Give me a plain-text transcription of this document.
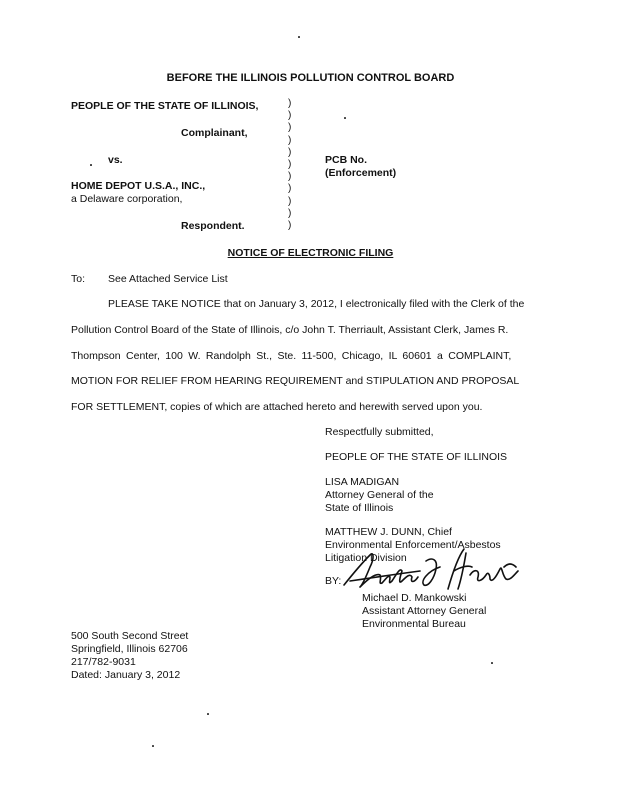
BEFORE THE ILLINOIS POLLUTION CONTROL BOARD
PEOPLE OF THE STATE OF ILLINOIS,
Complainant,
vs.
HOME DEPOT U.S.A., INC.,
a Delaware corporation,
Respondent.
)
)
)
)
)
)
)
)
)
)
)
PCB No.
(Enforcement)
NOTICE OF ELECTRONIC FILING
To: See Attached Service List
PLEASE TAKE NOTICE that on January 3, 2012, I electronically filed with the Clerk of the
Pollution Control Board of the State of Illinois, c/o John T. Therriault, Assistant Clerk, James R.
Thompson Center, 100 W. Randolph St., Ste. 11-500, Chicago, IL 60601 a COMPLAINT,
MOTION FOR RELIEF FROM HEARING REQUIREMENT and STIPULATION AND PROPOSAL
FOR SETTLEMENT, copies of which are attached hereto and herewith served upon you.
Respectfully submitted,
PEOPLE OF THE STATE OF ILLINOIS
LISA MADIGAN
Attorney General of the
State of Illinois
MATTHEW J. DUNN, Chief
Environmental Enforcement/Asbestos
Litigation Division
BY:
Michael D. Mankowski
Assistant Attorney General
Environmental Bureau
500 South Second Street
Springfield, Illinois 62706
217/782-9031
Dated: January 3, 2012
